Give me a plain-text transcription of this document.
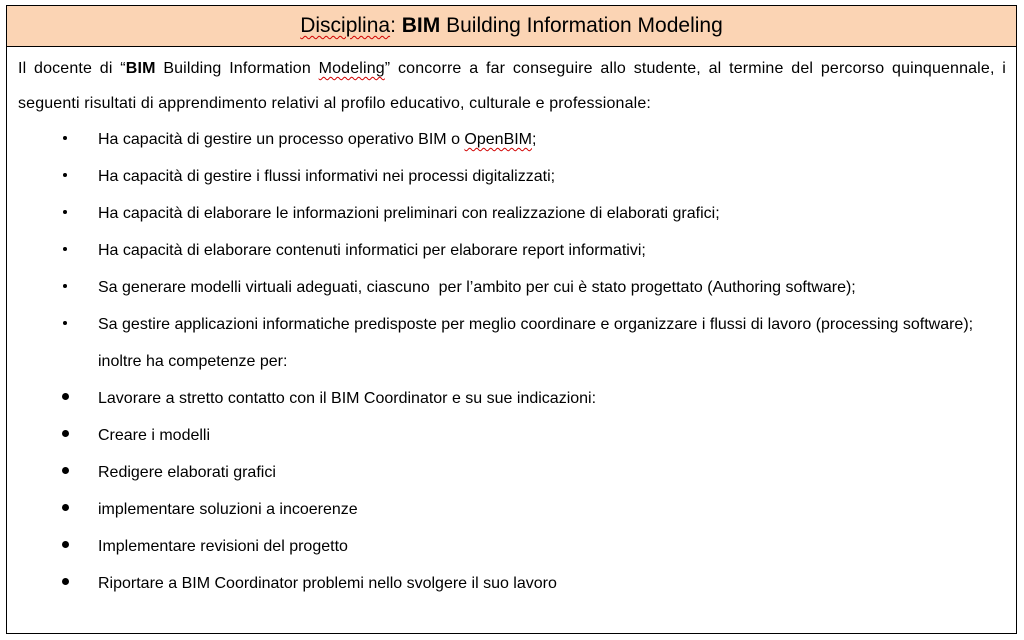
Disciplina : BIM Building Information Modeling

Il docente di “BIM Building Information Modeling” concorre a far conseguire allo studente, al termine del percorso quinquennale, i seguenti risultati di apprendimento relativi al profilo educativo, culturale e professionale:

Ha capacità di gestire un processo operativo BIM o OpenBIM;
Ha capacità di gestire i flussi informativi nei processi digitalizzati;
Ha capacità di elaborare le informazioni preliminari con realizzazione di elaborati grafici;
Ha capacità di elaborare contenuti informatici per elaborare report informativi;
Sa generare modelli virtuali adeguati, ciascuno  per l’ambito per cui è stato progettato (Authoring software);
Sa gestire applicazioni informatiche predisposte per meglio coordinare e organizzare i flussi di lavoro (processing software);
inoltre ha competenze per:
Lavorare a stretto contatto con il BIM Coordinator e su sue indicazioni:
Creare i modelli
Redigere elaborati grafici
implementare soluzioni a incoerenze
Implementare revisioni del progetto
Riportare a BIM Coordinator problemi nello svolgere il suo lavoro
